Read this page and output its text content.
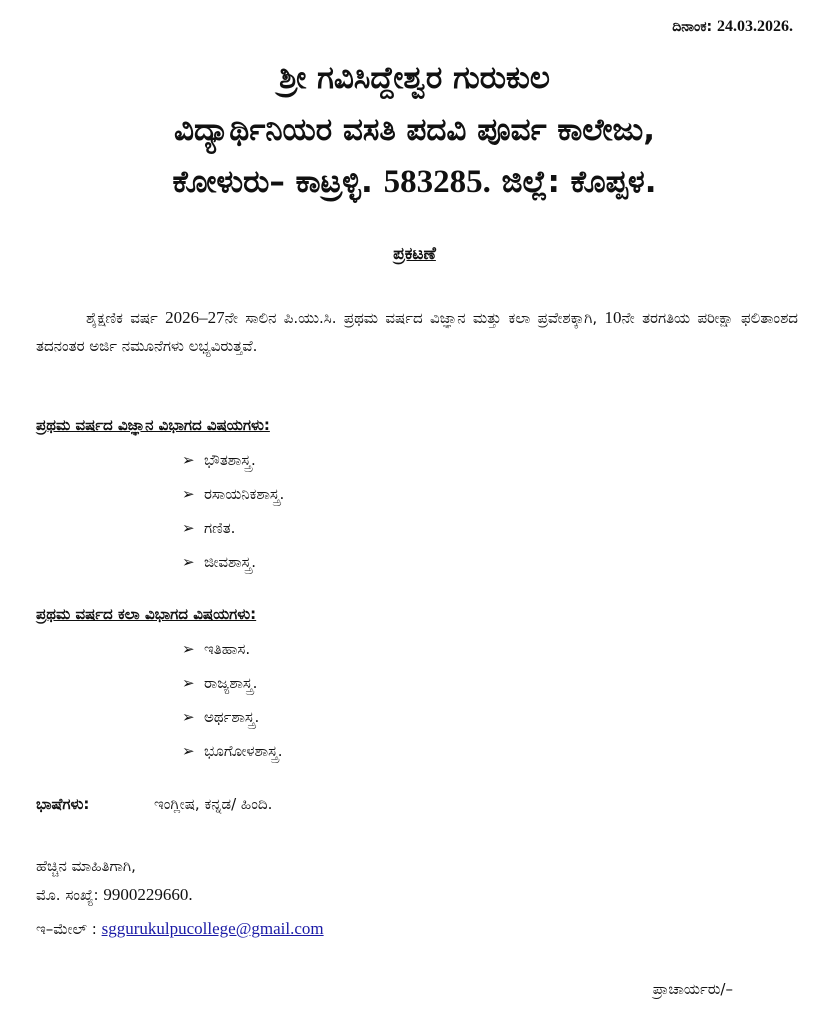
ದಿನಾಂಕ: 24.03.2026.
ಶ್ರೀ ಗವಿಸಿದ್ದೇಶ್ವರ ಗುರುಕುಲ
ವಿದ್ಯಾರ್ಥಿನಿಯರ ವಸತಿ ಪದವಿ ಪೂರ್ವ ಕಾಲೇಜು,
ಕೋಳುರು– ಕಾಟ್ರಳ್ಳಿ. 583285. ಜಿಲ್ಲೆ: ಕೊಪ್ಪಳ.
ಪ್ರಕಟಣೆ
ಶೈಕ್ಷಣಿಕ ವರ್ಷ 2026–27ನೇ ಸಾಲಿನ ಪಿ.ಯು.ಸಿ. ಪ್ರಥಮ ವರ್ಷದ ವಿಜ್ಞಾನ ಮತ್ತು ಕಲಾ ಪ್ರವೇಶಕ್ಕಾಗಿ, 10ನೇ ತರಗತಿಯ ಪರೀಕ್ಷಾ ಫಲಿತಾಂಶದ ತದನಂತರ ಅರ್ಜಿ ನಮೂನೆಗಳು ಲಭ್ಯವಿರುತ್ತವೆ.
ಪ್ರಥಮ ವರ್ಷದ ವಿಜ್ಞಾನ ವಿಭಾಗದ ವಿಷಯಗಳು:
➢ ಭೌತಶಾಸ್ತ್ರ.
➢ ರಸಾಯನಿಕಶಾಸ್ತ್ರ.
➢ ಗಣಿತ.
➢ ಜೀವಶಾಸ್ತ್ರ.
ಪ್ರಥಮ ವರ್ಷದ ಕಲಾ ವಿಭಾಗದ ವಿಷಯಗಳು:
➢ ಇತಿಹಾಸ.
➢ ರಾಜ್ಯಶಾಸ್ತ್ರ.
➢ ಅರ್ಥಶಾಸ್ತ್ರ.
➢ ಭೂಗೋಳಶಾಸ್ತ್ರ.
ಭಾಷೆಗಳು:	ಇಂಗ್ಲೀಷ, ಕನ್ನಡ/ ಹಿಂದಿ.
ಹೆಚ್ಚಿನ ಮಾಹಿತಿಗಾಗಿ,
ಮೊ. ಸಂಖ್ಯೆ: 9900229660.
ಇ–ಮೇಲ್ : sggurukulpucollege@gmail.com
ಪ್ರಾಚಾರ್ಯರು/–
